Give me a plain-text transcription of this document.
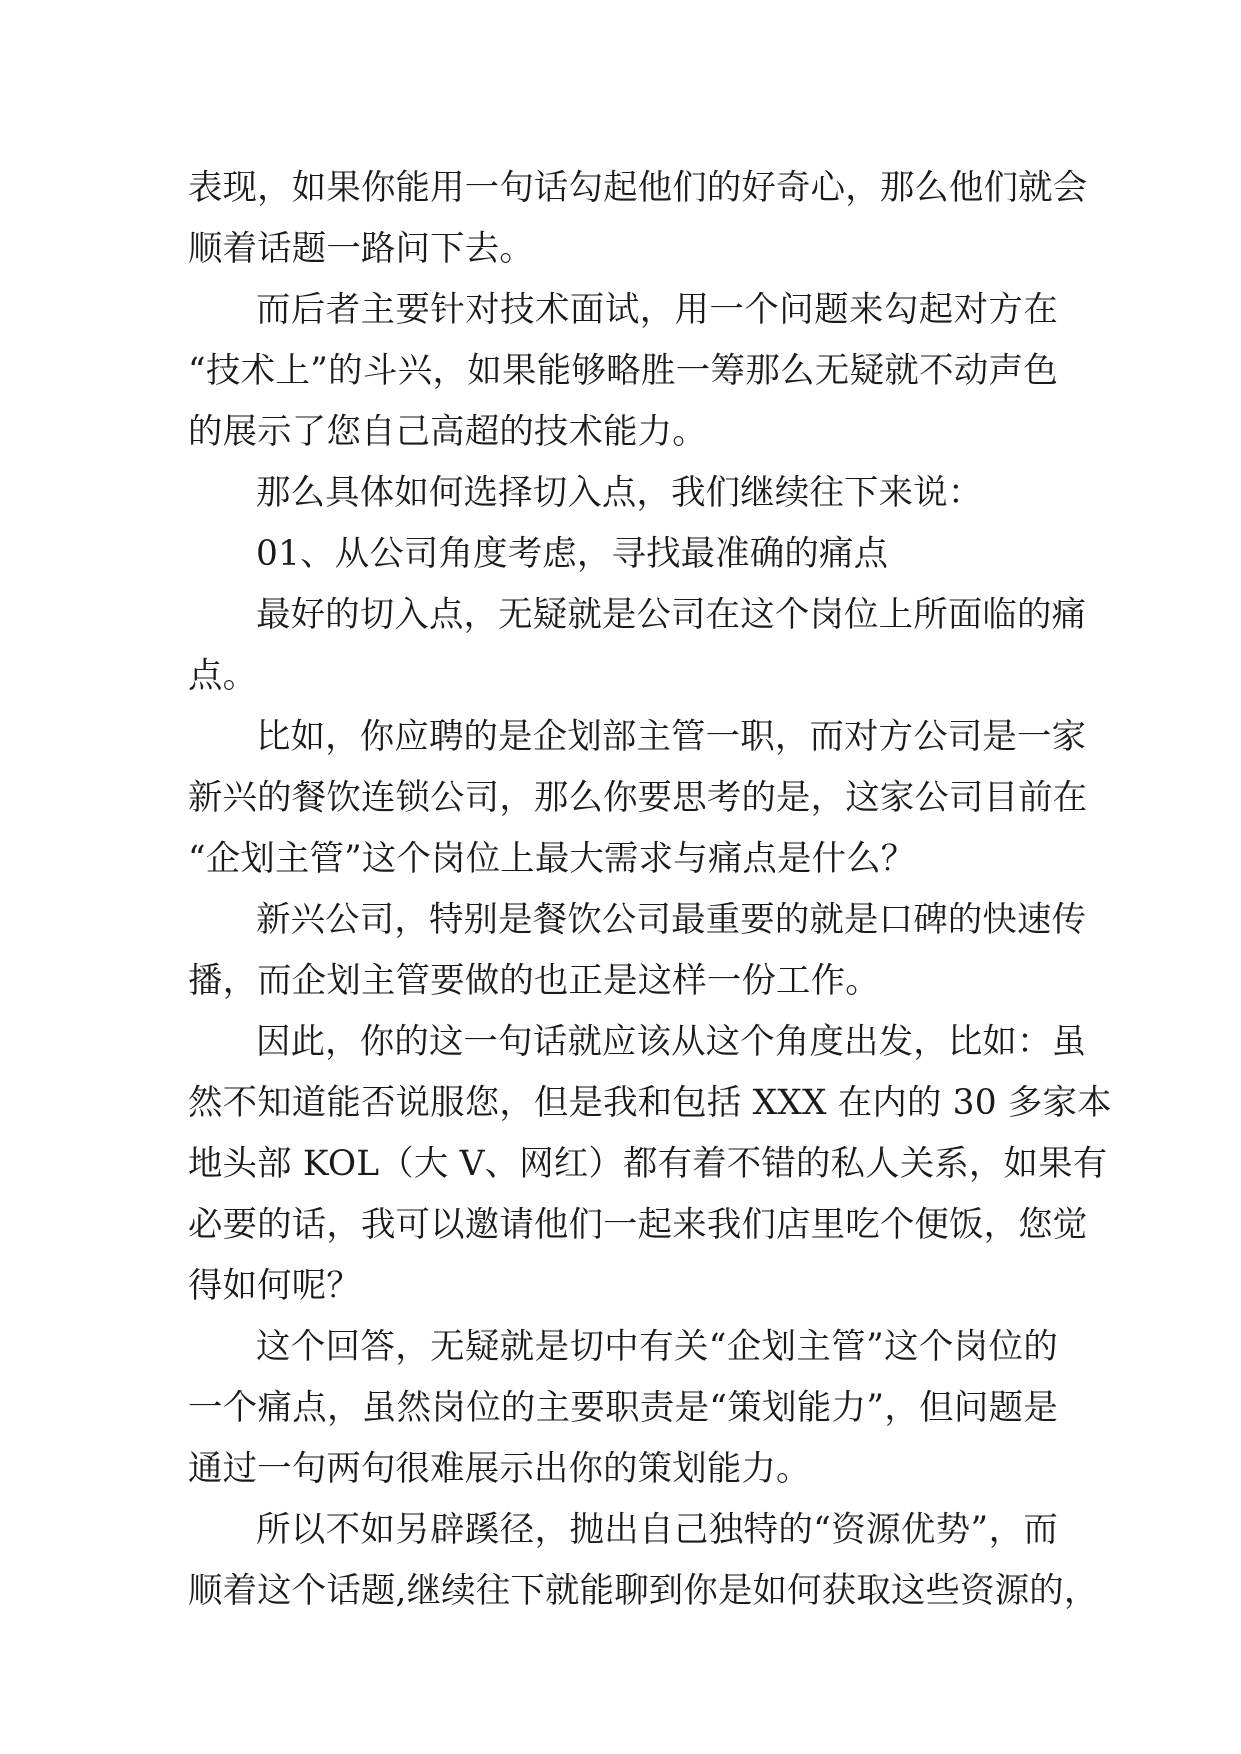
表现，如果你能用一句话勾起他们的好奇心，那么他们就会
顺着话题一路问下去。
而后者主要针对技术面试，用一个问题来勾起对方在
“技术上”的斗兴，如果能够略胜一筹那么无疑就不动声色
的展示了您自己高超的技术能力。
那么具体如何选择切入点，我们继续往下来说：
01、从公司角度考虑，寻找最准确的痛点
最好的切入点，无疑就是公司在这个岗位上所面临的痛
点。
比如，你应聘的是企划部主管一职，而对方公司是一家
新兴的餐饮连锁公司，那么你要思考的是，这家公司目前在
“企划主管”这个岗位上最大需求与痛点是什么？
新兴公司，特别是餐饮公司最重要的就是口碑的快速传
播，而企划主管要做的也正是这样一份工作。
因此，你的这一句话就应该从这个角度出发，比如：虽
然不知道能否说服您，但是我和包括 XXX 在内的 30 多家本
地头部 KOL（大 V、网红）都有着不错的私人关系，如果有
必要的话，我可以邀请他们一起来我们店里吃个便饭，您觉
得如何呢？
这个回答，无疑就是切中有关“企划主管”这个岗位的
一个痛点，虽然岗位的主要职责是“策划能力”，但问题是
通过一句两句很难展示出你的策划能力。
所以不如另辟蹊径，抛出自己独特的“资源优势”，而
顺着这个话题,继续往下就能聊到你是如何获取这些资源的，
